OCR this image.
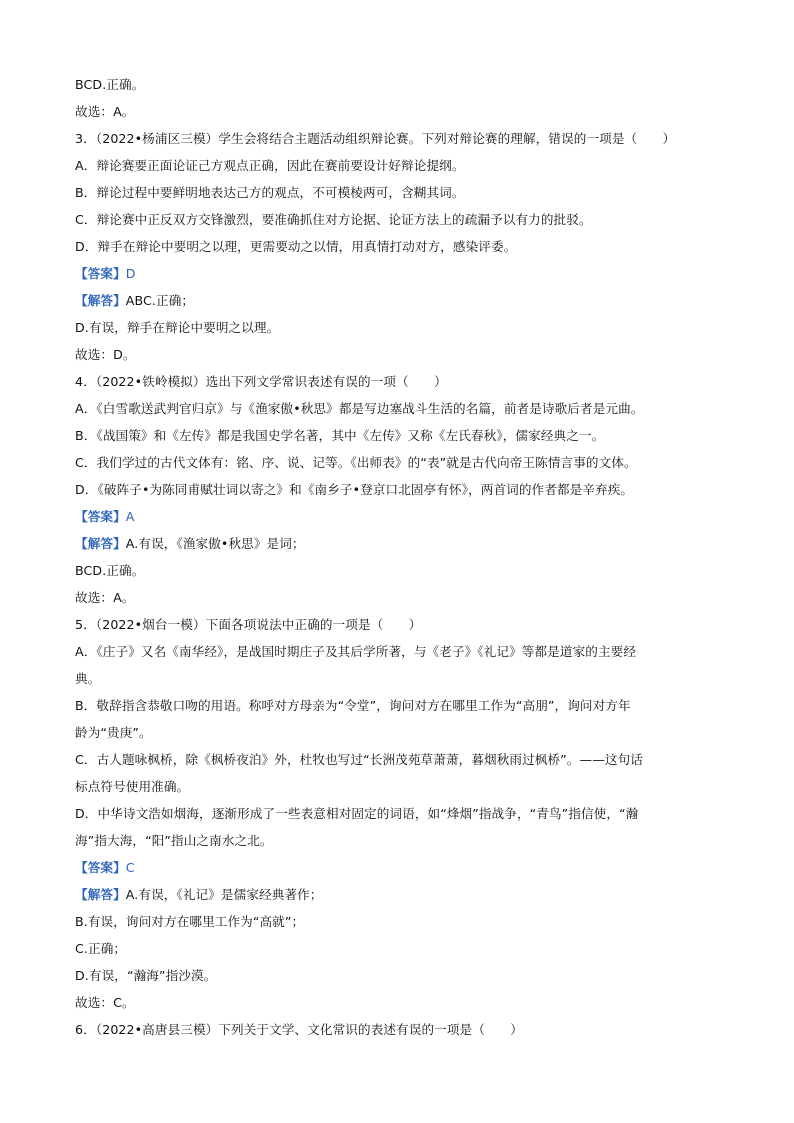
BCD.正确。
故选：A。
3．（2022•杨浦区三模）学生会将结合主题活动组织辩论赛。下列对辩论赛的理解，错误的一项是（　　）
A．辩论赛要正面论证己方观点正确，因此在赛前要设计好辩论提纲。
B．辩论过程中要鲜明地表达己方的观点，不可模棱两可，含糊其词。
C．辩论赛中正反双方交锋激烈，要准确抓住对方论据、论证方法上的疏漏予以有力的批驳。
D．辩手在辩论中要明之以理，更需要动之以情，用真情打动对方，感染评委。
【答案】D
【解答】ABC.正确；
D.有误，辩手在辩论中要明之以理。
故选：D。
4．（2022•铁岭模拟）选出下列文学常识表述有误的一项（　　）
A．《白雪歌送武判官归京》与《渔家傲•秋思》都是写边塞战斗生活的名篇，前者是诗歌后者是元曲。
B．《战国策》和《左传》都是我国史学名著，其中《左传》又称《左氏春秋》，儒家经典之一。
C．我们学过的古代文体有：铭、序、说、记等。《出师表》的“表”就是古代向帝王陈情言事的文体。
D．《破阵子•为陈同甫赋壮词以寄之》和《南乡子•登京口北固亭有怀》，两首词的作者都是辛弃疾。
【答案】A
【解答】A.有误，《渔家傲•秋思》是词；
BCD.正确。
故选：A。
5．（2022•烟台一模）下面各项说法中正确的一项是（　　）
A．《庄子》又名《南华经》，是战国时期庄子及其后学所著，与《老子》《礼记》等都是道家的主要经
典。
B．敬辞指含恭敬口吻的用语。称呼对方母亲为“令堂”，询问对方在哪里工作为“高朋”，询问对方年
龄为“贵庚”。
C．古人题咏枫桥，除《枫桥夜泊》外，杜牧也写过“长洲茂苑草萧萧，暮烟秋雨过枫桥”。——这句话
标点符号使用准确。
D．中华诗文浩如烟海，逐渐形成了一些表意相对固定的词语，如“烽烟”指战争，“青鸟”指信使，“瀚
海”指大海，“阳”指山之南水之北。
【答案】C
【解答】A.有误，《礼记》是儒家经典著作；
B.有误，询问对方在哪里工作为“高就”；
C.正确；
D.有误，“瀚海”指沙漠。
故选：C。
6．（2022•高唐县三模）下列关于文学、文化常识的表述有误的一项是（　　）
